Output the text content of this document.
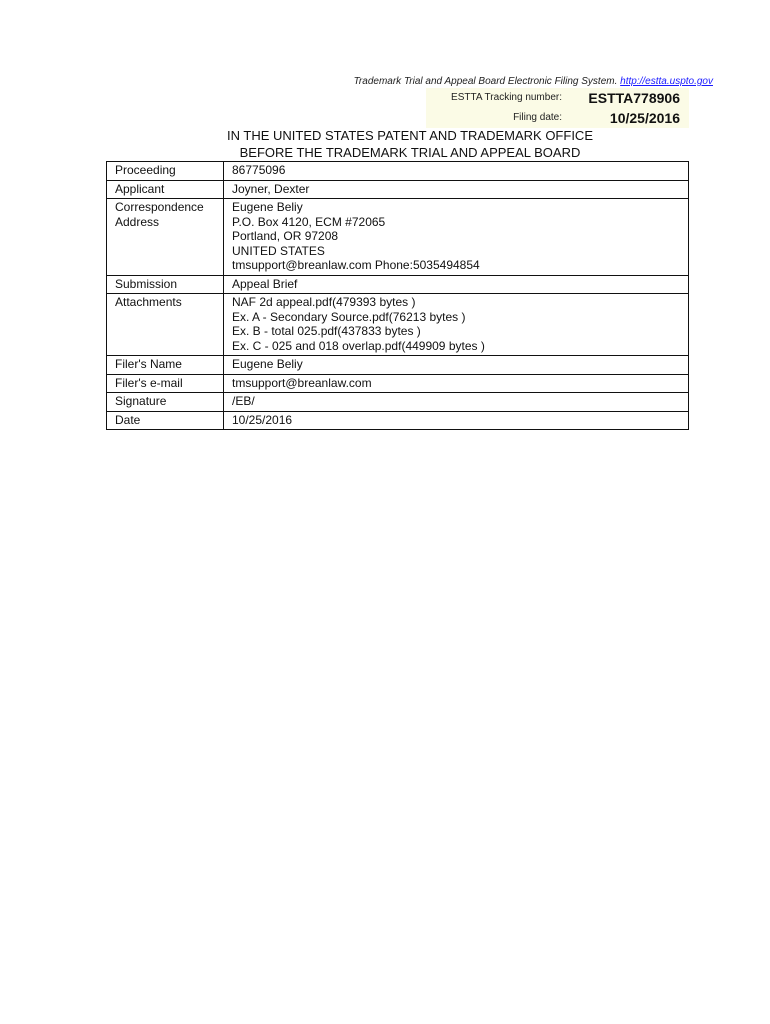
Trademark Trial and Appeal Board Electronic Filing System. http://estta.uspto.gov
ESTTA Tracking number: ESTTA778906
Filing date:	10/25/2016
IN THE UNITED STATES PATENT AND TRADEMARK OFFICE
BEFORE THE TRADEMARK TRIAL AND APPEAL BOARD
Proceeding	86775096
Applicant	Joyner, Dexter
Correspondence
Address	Eugene Beliy
P.O. Box 4120, ECM #72065
Portland, OR 97208
UNITED STATES
tmsupport@breanlaw.com Phone:5035494854
Submission	Appeal Brief
Attachments	NAF 2d appeal.pdf(479393 bytes )
Ex. A - Secondary Source.pdf(76213 bytes )
Ex. B - total 025.pdf(437833 bytes )
Ex. C - 025 and 018 overlap.pdf(449909 bytes )
Filer's Name	Eugene Beliy
Filer's e-mail	tmsupport@breanlaw.com
Signature	/EB/
Date	10/25/2016
